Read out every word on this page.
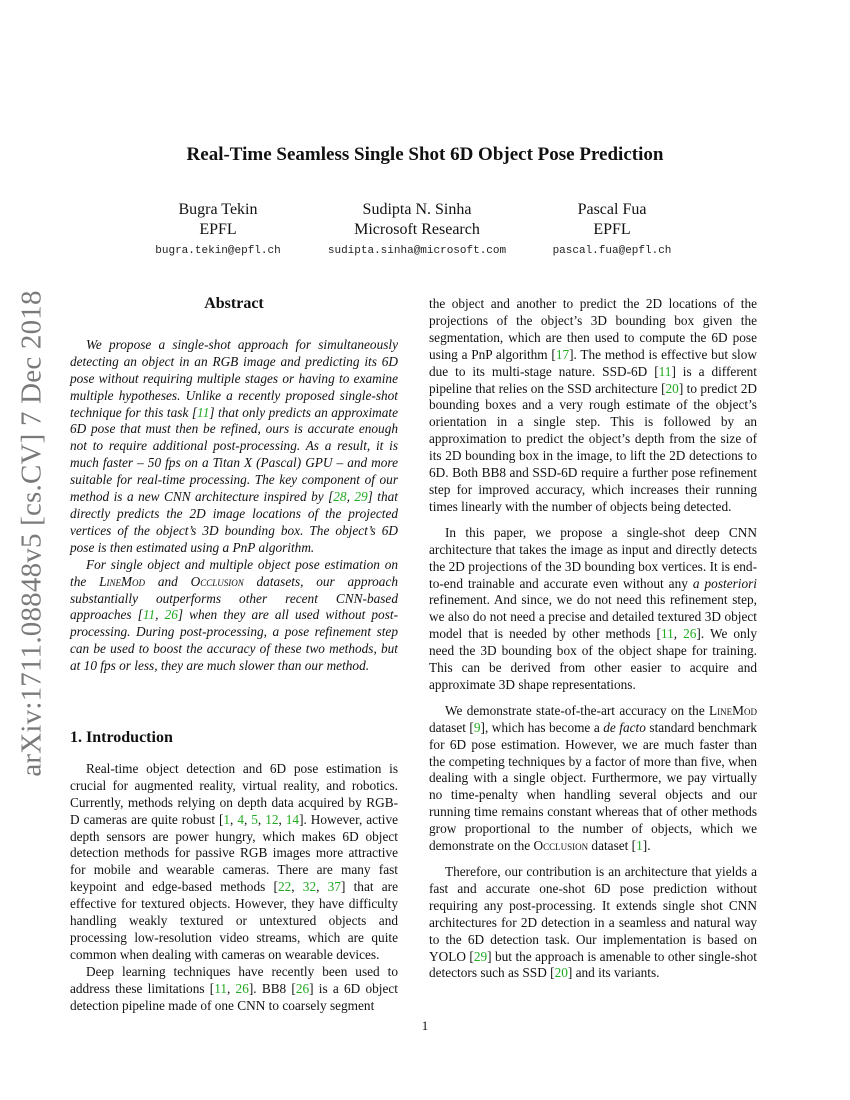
arXiv:1711.08848v5 [cs.CV] 7 Dec 2018
Real-Time Seamless Single Shot 6D Object Pose Prediction
Bugra Tekin
EPFL
bugra.tekin@epfl.ch
Sudipta N. Sinha
Microsoft Research
sudipta.sinha@microsoft.com
Pascal Fua
EPFL
pascal.fua@epfl.ch
Abstract

We propose a single-shot approach for simultaneously detecting an object in an RGB image and predicting its 6D pose without requiring multiple stages or having to examine multiple hypotheses. Unlike a recently proposed single-shot technique for this task [11] that only predicts an approximate 6D pose that must then be refined, ours is accurate enough not to require additional post-processing. As a result, it is much faster – 50 fps on a Titan X (Pascal) GPU – and more suitable for real-time processing. The key component of our method is a new CNN architecture inspired by [28, 29] that directly predicts the 2D image locations of the projected vertices of the object’s 3D bounding box. The object’s 6D pose is then estimated using a PnP algorithm.

For single object and multiple object pose estimation on the LineMod and Occlusion datasets, our approach substantially outperforms other recent CNN-based approaches [11, 26] when they are all used without post-processing. During post-processing, a pose refinement step can be used to boost the accuracy of these two methods, but at 10 fps or less, they are much slower than our method.

1. Introduction

Real-time object detection and 6D pose estimation is crucial for augmented reality, virtual reality, and robotics. Currently, methods relying on depth data acquired by RGB-D cameras are quite robust [1, 4, 5, 12, 14]. However, active depth sensors are power hungry, which makes 6D object detection methods for passive RGB images more attractive for mobile and wearable cameras. There are many fast keypoint and edge-based methods [22, 32, 37] that are effective for textured objects. However, they have difficulty handling weakly textured or untextured objects and processing low-resolution video streams, which are quite common when dealing with cameras on wearable devices.

Deep learning techniques have recently been used to address these limitations [11, 26]. BB8 [26] is a 6D object detection pipeline made of one CNN to coarsely segment

the object and another to predict the 2D locations of the projections of the object’s 3D bounding box given the segmentation, which are then used to compute the 6D pose using a PnP algorithm [17]. The method is effective but slow due to its multi-stage nature. SSD-6D [11] is a different pipeline that relies on the SSD architecture [20] to predict 2D bounding boxes and a very rough estimate of the object’s orientation in a single step. This is followed by an approximation to predict the object’s depth from the size of its 2D bounding box in the image, to lift the 2D detections to 6D. Both BB8 and SSD-6D require a further pose refinement step for improved accuracy, which increases their running times linearly with the number of objects being detected.

In this paper, we propose a single-shot deep CNN architecture that takes the image as input and directly detects the 2D projections of the 3D bounding box vertices. It is end-to-end trainable and accurate even without any a posteriori refinement. And since, we do not need this refinement step, we also do not need a precise and detailed textured 3D object model that is needed by other methods [11, 26]. We only need the 3D bounding box of the object shape for training. This can be derived from other easier to acquire and approximate 3D shape representations.

We demonstrate state-of-the-art accuracy on the LineMod dataset [9], which has become a de facto standard benchmark for 6D pose estimation. However, we are much faster than the competing techniques by a factor of more than five, when dealing with a single object. Furthermore, we pay virtually no time-penalty when handling several objects and our running time remains constant whereas that of other methods grow proportional to the number of objects, which we demonstrate on the Occlusion dataset [1].

Therefore, our contribution is an architecture that yields a fast and accurate one-shot 6D pose prediction without requiring any post-processing. It extends single shot CNN architectures for 2D detection in a seamless and natural way to the 6D detection task. Our implementation is based on YOLO [29] but the approach is amenable to other single-shot detectors such as SSD [20] and its variants.

1
